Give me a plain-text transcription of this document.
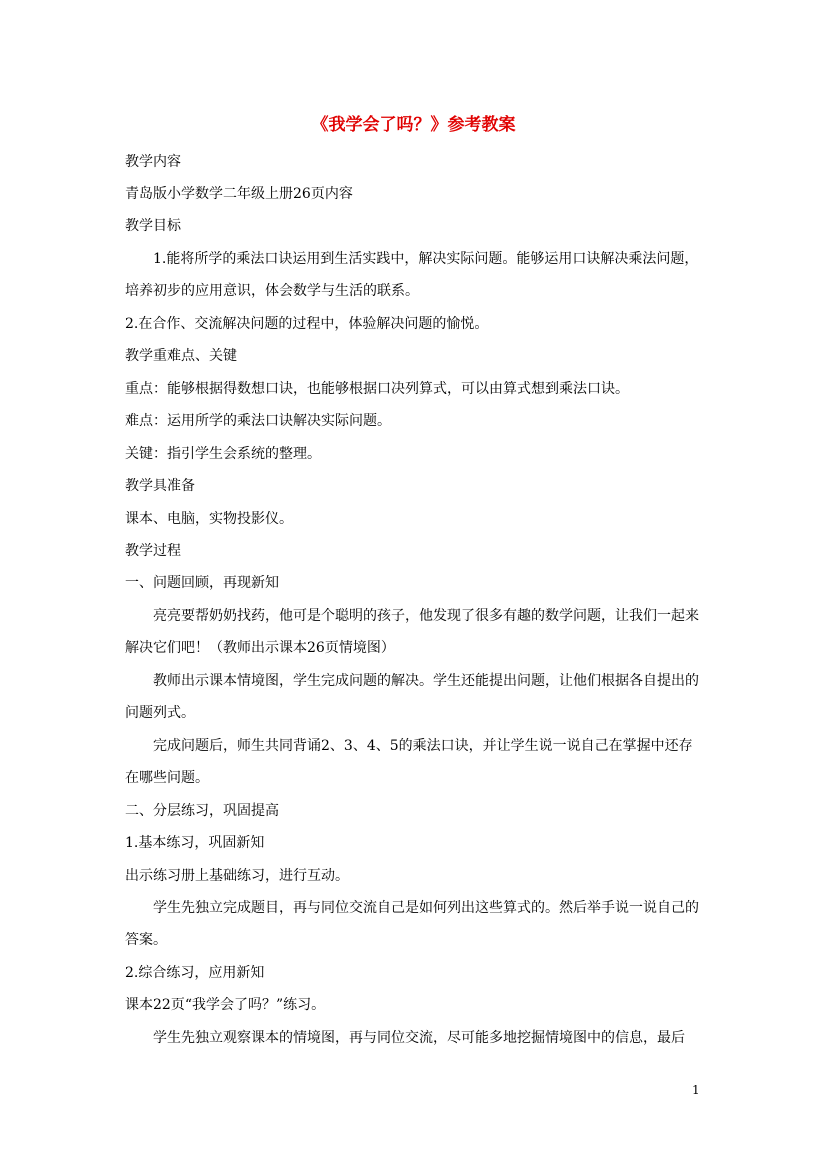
《我学会了吗？》参考教案

教学内容

青岛版小学数学二年级上册26页内容

教学目标

1.能将所学的乘法口诀运用到生活实践中，解决实际问题。能够运用口诀解决乘法问题，培养初步的应用意识，体会数学与生活的联系。

2.在合作、交流解决问题的过程中，体验解决问题的愉悦。

教学重难点、关键

重点：能够根据得数想口诀，也能够根据口决列算式，可以由算式想到乘法口诀。

难点：运用所学的乘法口诀解决实际问题。

关键：指引学生会系统的整理。

教学具准备

课本、电脑，实物投影仪。

教学过程

一、问题回顾，再现新知

亮亮要帮奶奶找药，他可是个聪明的孩子，他发现了很多有趣的数学问题，让我们一起来解决它们吧！（教师出示课本26页情境图）

教师出示课本情境图，学生完成问题的解决。学生还能提出问题，让他们根据各自提出的问题列式。

完成问题后，师生共同背诵2、3、4、5的乘法口诀，并让学生说一说自己在掌握中还存在哪些问题。

二、分层练习，巩固提高

1.基本练习，巩固新知

出示练习册上基础练习，进行互动。

学生先独立完成题目，再与同位交流自己是如何列出这些算式的。然后举手说一说自己的答案。

2.综合练习，应用新知

课本22页“我学会了吗？”练习。

学生先独立观察课本的情境图，再与同位交流，尽可能多地挖掘情境图中的信息，最后

1
